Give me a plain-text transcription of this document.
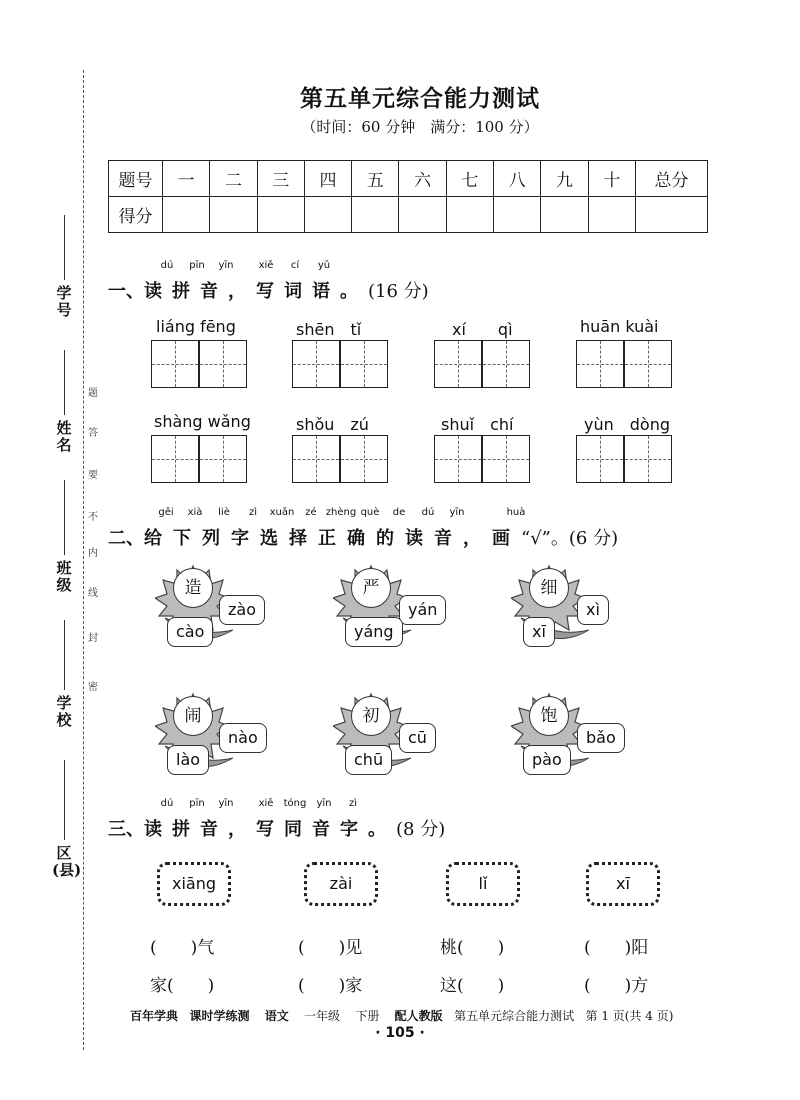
学号
姓名
班级
学校
区(县)
密
封
线
内
不
要
答
题
第五单元综合能力测试
（时间：60 分钟　满分：100 分）
题号	一	二	三	四	五	六	七	八	九	十	总分
得分											
dú	pīn	yīn	xiě	cí	yǔ
一、读拼音，写词语。(16 分)
liáng fēng	shēn　tǐ	xí　　qì	huān kuài
shàng wǎng	shǒu　zú	shuǐ　chí	yùn　dòng
gěi	xià	liè	zì	xuǎn	zé zhèng què	de	dú	yīn	huà
二、给下列字选择正确的读音，画“√”。(6 分)
造
zào
cào
严
yán
yáng
细
xì
xī
闹
nào
lào
初
cū
chū
饱
bǎo
pào
dú	pīn	yīn	xiě	tóng	yīn	zì
三、读拼音，写同音字。(8 分)
xiāng	zài	lǐ	xī
(　　)气	(　　)见	桃(　　)	(　　)阳
家(　　)	(　　)家	这(　　)	(　　)方
百年学典 课时学练测 语文 一年级 下册 配人教版 第五单元综合能力测试 第 1 页(共 4 页)
· 105 ·
